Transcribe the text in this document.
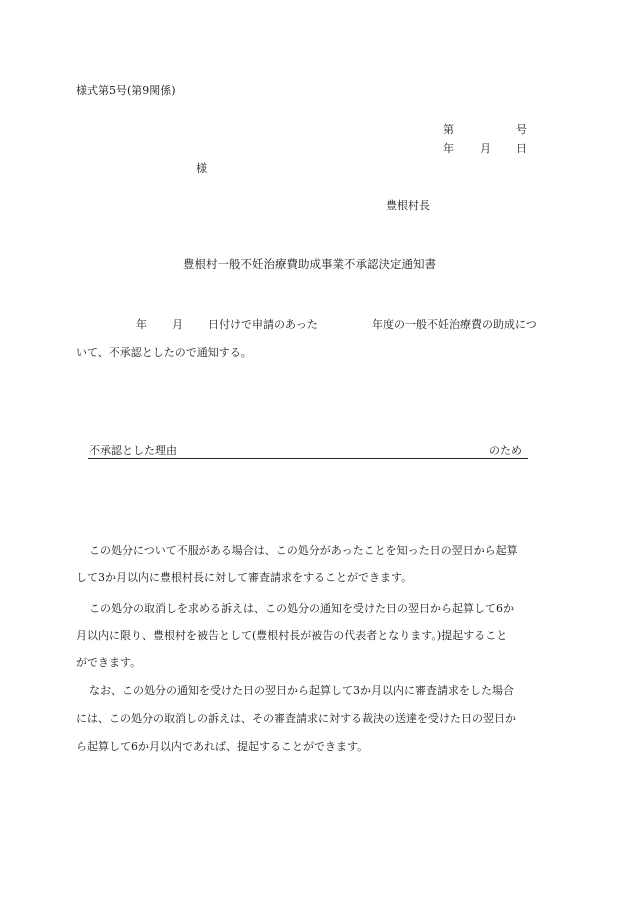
様式第5号(第9関係)
第	号
年 月 日
様
豊根村長
豊根村一般不妊治療費助成事業不承認決定通知書
年 月 日付けで申請のあった	年度の一般不妊治療費の助成につ
いて、不承認としたので通知する。
不承認とした理由	のため
この処分について不服がある場合は、この処分があったことを知った日の翌日から起算
して3か月以内に豊根村長に対して審査請求をすることができます。
この処分の取消しを求める訴えは、この処分の通知を受けた日の翌日から起算して6か
月以内に限り、豊根村を被告として(豊根村長が被告の代表者となります。)提起すること
ができます。
なお、この処分の通知を受けた日の翌日から起算して3か月以内に審査請求をした場合
には、この処分の取消しの訴えは、その審査請求に対する裁決の送達を受けた日の翌日か
ら起算して6か月以内であれば、提起することができます。
